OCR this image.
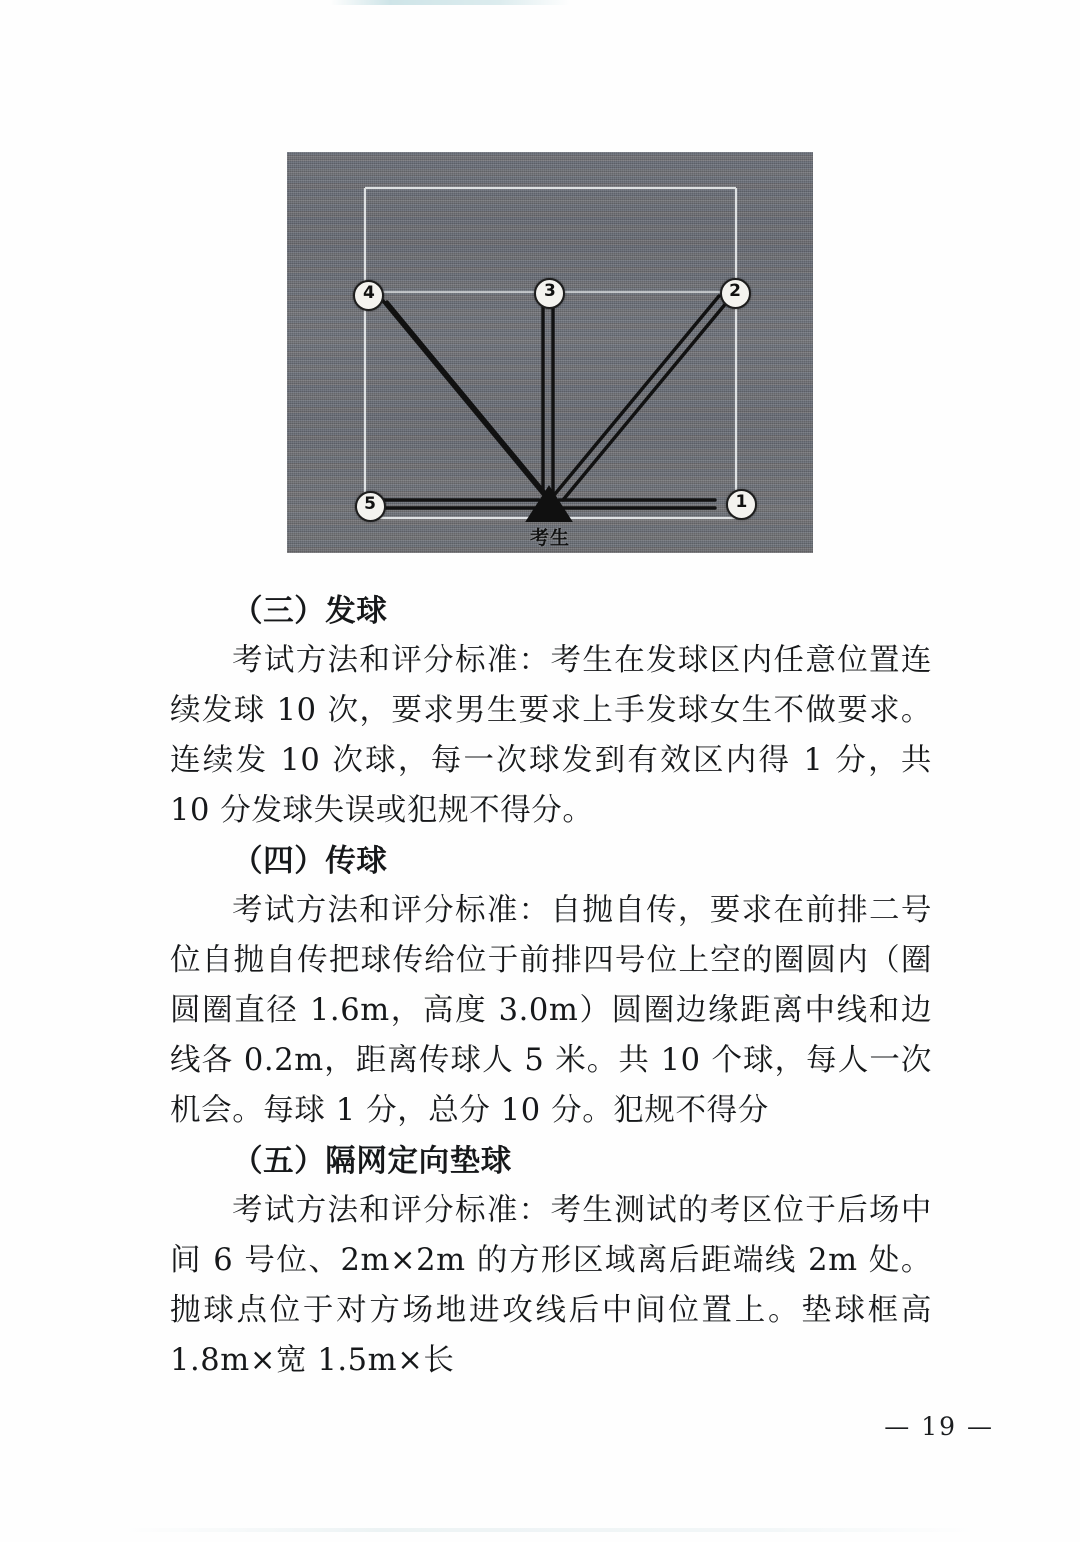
1
2
3
4
5
考生

（三）发球

考试方法和评分标准：考生在发球区内任意位置连续发球 10 次，要求男生要求上手发球女生不做要求。连续发 10 次球，每一次球发到有效区内得 1 分，共 10 分发球失误或犯规不得分。

（四）传球

考试方法和评分标准：自抛自传，要求在前排二号位自抛自传把球传给位于前排四号位上空的圈圆内（圈圆圈直径 1.6m，高度 3.0m）圆圈边缘距离中线和边线各 0.2m，距离传球人 5 米。共 10 个球，每人一次机会。每球 1 分，总分 10 分。犯规不得分

（五）隔网定向垫球

考试方法和评分标准：考生测试的考区位于后场中间 6 号位、2m×2m 的方形区域离后距端线 2m 处。抛球点位于对方场地进攻线后中间位置上。垫球框高 1.8m×宽 1.5m×长

— 19 —
